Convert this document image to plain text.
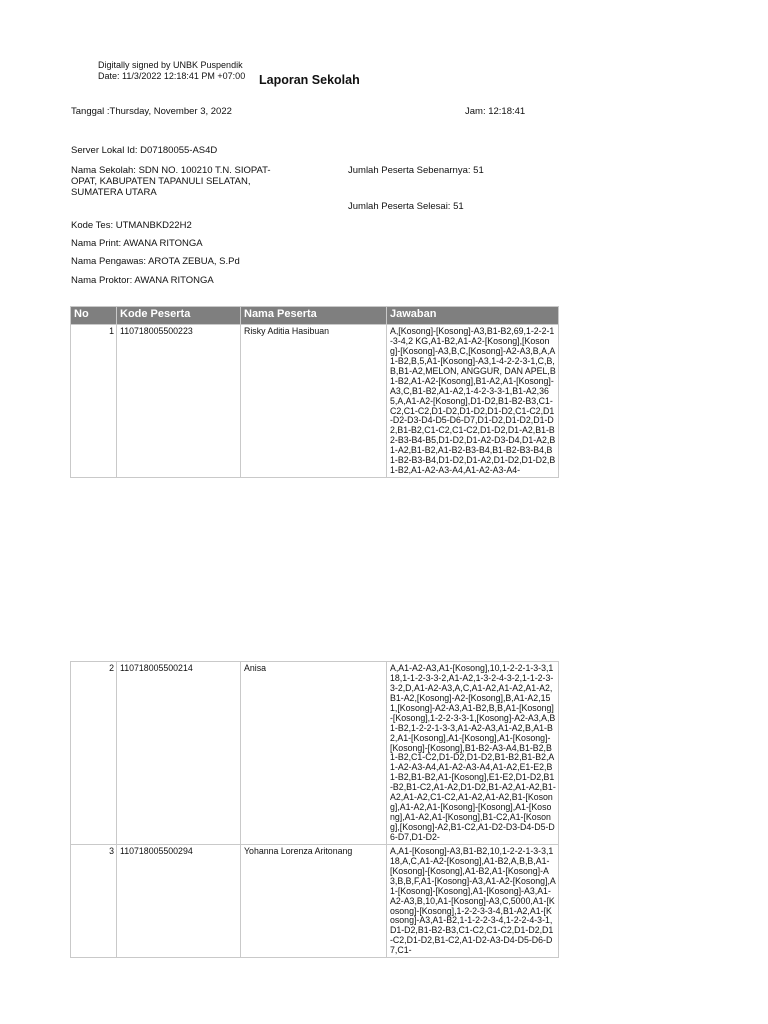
Digitally signed by UNBK Puspendik
Date: 11/3/2022 12:18:41 PM +07:00 Laporan Sekolah
Tanggal :Thursday, November 3, 2022	Jam: 12:18:41
Server Lokal Id: D07180055-AS4D
Nama Sekolah: SDN NO. 100210 T.N. SIOPAT-OPAT, KABUPATEN TAPANULI SELATAN, SUMATERA UTARA
Jumlah Peserta Sebenarnya: 51
Jumlah Peserta Selesai: 51
Kode Tes: UTMANBKD22H2
Nama Print: AWANA RITONGA
Nama Pengawas: AROTA ZEBUA, S.Pd
Nama Proktor: AWANA RITONGA
No	Kode Peserta	Nama Peserta	Jawaban
1	110718005500223	Risky Aditia Hasibuan	A,[Kosong]-[Kosong]-A3,B1-B2,69,1-2-2-1-3-4,2 KG,A1-B2,A1-A2-[Kosong],[Kosong]-[Kosong]-A3,B,C,[Kosong]-A2-A3,B,A,A1-B2,B,5,A1-[Kosong]-A3,1-4-2-2-3-1,C,B,B,B1-A2,MELON, ANGGUR, DAN APEL,B1-B2,A1-A2-[Kosong],B1-A2,A1-[Kosong]-A3,C,B1-B2,A1-A2,1-4-2-3-3-1,B1-A2,365,A,A1-A2-[Kosong],D1-D2,B1-B2-B3,C1-C2,C1-C2,D1-D2,D1-D2,D1-D2,C1-C2,D1-D2-D3-D4-D5-D6-D7,D1-D2,D1-D2,D1-D2,B1-B2,C1-C2,C1-C2,D1-D2,D1-A2,B1-B2-B3-B4-B5,D1-D2,D1-A2-D3-D4,D1-A2,B1-A2,B1-B2,A1-B2-B3-B4,B1-B2-B3-B4,B1-B2-B3-B4,D1-D2,D1-A2,D1-D2,D1-D2,B1-B2,A1-A2-A3-A4,A1-A2-A3-A4-
2	110718005500214	Anisa	A,A1-A2-A3,A1-[Kosong],10,1-2-2-1-3-3,118,1-1-2-3-3-2,A1-A2,1-3-2-4-3-2,1-1-2-3-3-2,D,A1-A2-A3,A,C,A1-A2,A1-A2,A1-A2,B1-A2,[Kosong]-A2-[Kosong],B,A1-A2,151,[Kosong]-A2-A3,A1-B2,B,B,A1-[Kosong]-[Kosong],1-2-2-3-3-1,[Kosong]-A2-A3,A,B1-B2,1-2-2-1-3-3,A1-A2-A3,A1-A2,B,A1-B2,A1-[Kosong],A1-[Kosong],A1-[Kosong]-[Kosong]-[Kosong],B1-B2-A3-A4,B1-B2,B1-B2,C1-C2,D1-D2,D1-D2,B1-B2,B1-B2,A1-A2-A3-A4,A1-A2-A3-A4,A1-A2,E1-E2,B1-B2,B1-B2,A1-[Kosong],E1-E2,D1-D2,B1-B2,B1-C2,A1-A2,D1-D2,B1-A2,A1-A2,B1-A2,A1-A2,C1-C2,A1-A2,A1-A2,B1-[Kosong],A1-A2,A1-[Kosong]-[Kosong],A1-[Kosong],A1-A2,A1-[Kosong],B1-C2,A1-[Kosong],[Kosong]-A2,B1-C2,A1-D2-D3-D4-D5-D6-D7,D1-D2-
3	110718005500294	Yohanna Lorenza Aritonang	A,A1-[Kosong]-A3,B1-B2,10,1-2-2-1-3-3,118,A,C,A1-A2-[Kosong],A1-B2,A,B,B,A1-[Kosong]-[Kosong],A1-B2,A1-[Kosong]-A3,B,B,F,A1-[Kosong]-A3,A1-A2-[Kosong],A1-[Kosong]-[Kosong],A1-[Kosong]-A3,A1-A2-A3,B,10,A1-[Kosong]-A3,C,5000,A1-[Kosong]-[Kosong],1-2-2-3-3-4,B1-A2,A1-[Kosong]-A3,A1-B2,1-1-2-2-3-4,1-2-2-4-3-1,D1-D2,B1-B2-B3,C1-C2,C1-C2,D1-D2,D1-C2,D1-D2,B1-C2,A1-D2-A3-D4-D5-D6-D7,C1-
